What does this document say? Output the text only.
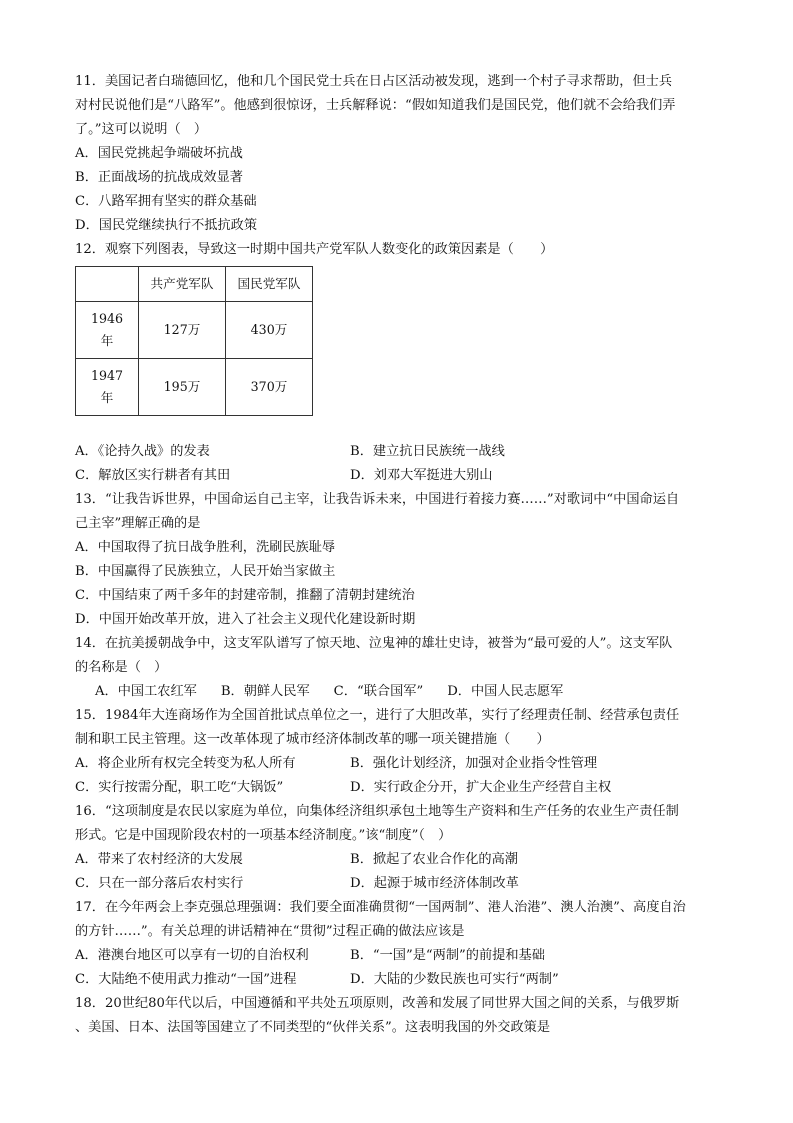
11．美国记者白瑞德回忆，他和几个国民党士兵在日占区活动被发现，逃到一个村子寻求帮助，但士兵
对村民说他们是“八路军”。他感到很惊讶，士兵解释说：“假如知道我们是国民党，他们就不会给我们弄
了。”这可以说明（　）
A．国民党挑起争端破坏抗战
B．正面战场的抗战成效显著
C．八路军拥有坚实的群众基础
D．国民党继续执行不抵抗政策
12．观察下列图表，导致这一时期中国共产党军队人数变化的政策因素是（　　）
	共产党军队	国民党军队

1946
年	127万	430万

1947
年	195万	370万
A．《论持久战》的发表	B．建立抗日民族统一战线
C．解放区实行耕者有其田	D．刘邓大军挺进大别山
13．“让我告诉世界，中国命运自己主宰，让我告诉未来，中国进行着接力赛……”对歌词中“中国命运自
己主宰”理解正确的是
A．中国取得了抗日战争胜利，洗刷民族耻辱
B．中国赢得了民族独立，人民开始当家做主
C．中国结束了两千多年的封建帝制，推翻了清朝封建统治
D．中国开始改革开放，进入了社会主义现代化建设新时期
14．在抗美援朝战争中，这支军队谱写了惊天地、泣鬼神的雄壮史诗，被誉为“最可爱的人”。这支军队
的名称是（　）
A．中国工农红军 B．朝鲜人民军 C．“联合国军” D．中国人民志愿军
15．1984年大连商场作为全国首批试点单位之一，进行了大胆改革，实行了经理责任制、经营承包责任
制和职工民主管理。这一改革体现了城市经济体制改革的哪一项关键措施（　　）
A．将企业所有权完全转变为私人所有	B．强化计划经济，加强对企业指令性管理
C．实行按需分配，职工吃“大锅饭”	D．实行政企分开，扩大企业生产经营自主权
16．“这项制度是农民以家庭为单位，向集体经济组织承包土地等生产资料和生产任务的农业生产责任制
形式。它是中国现阶段农村的一项基本经济制度。”该“制度”（　）
A．带来了农村经济的大发展	B．掀起了农业合作化的高潮
C．只在一部分落后农村实行	D．起源于城市经济体制改革
17．在今年两会上李克强总理强调：我们要全面准确贯彻“一国两制”、港人治港”、澳人治澳”、高度自治
的方针……”。有关总理的讲话精神在“贯彻”过程正确的做法应该是
A．港澳台地区可以享有一切的自治权利	B．“一国”是“两制”的前提和基础
C．大陆绝不使用武力推动“一国”进程	D．大陆的少数民族也可实行“两制”
18．20世纪80年代以后，中国遵循和平共处五项原则，改善和发展了同世界大国之间的关系，与俄罗斯
、美国、日本、法国等国建立了不同类型的“伙伴关系”。这表明我国的外交政策是
